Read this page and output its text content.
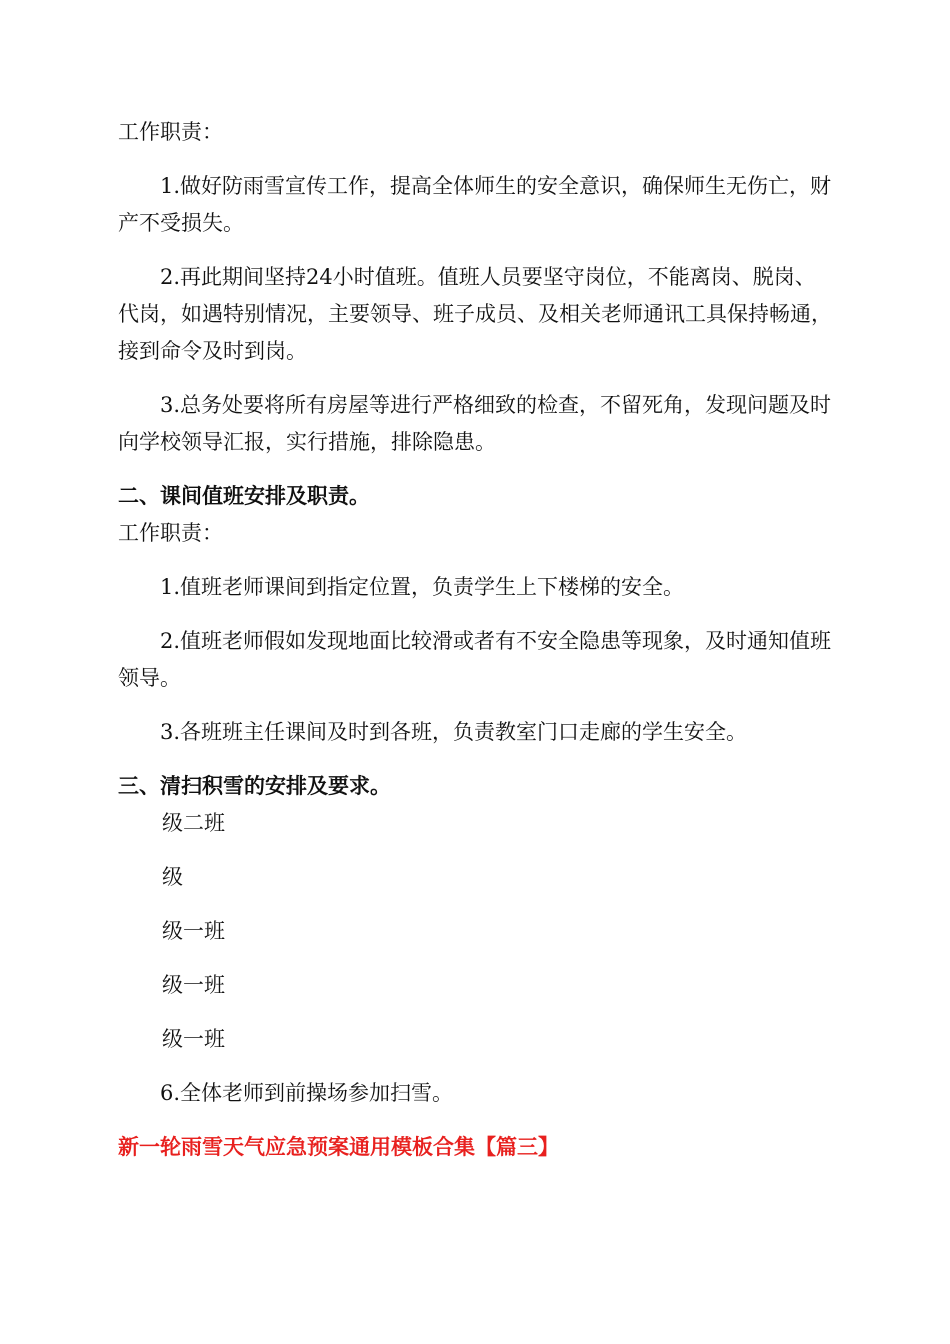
工作职责：

1.做好防雨雪宣传工作，提高全体师生的安全意识，确保师生无伤亡，财产不受损失。

2.再此期间坚持24小时值班。值班人员要坚守岗位，不能离岗、脱岗、代岗，如遇特别情况，主要领导、班子成员、及相关老师通讯工具保持畅通，接到命令及时到岗。

3.总务处要将所有房屋等进行严格细致的检查，不留死角，发现问题及时向学校领导汇报，实行措施，排除隐患。

二、课间值班安排及职责。

工作职责：

1.值班老师课间到指定位置，负责学生上下楼梯的安全。

2.值班老师假如发现地面比较滑或者有不安全隐患等现象，及时通知值班领导。

3.各班班主任课间及时到各班，负责教室门口走廊的学生安全。

三、清扫积雪的安排及要求。

级二班

级

级一班

级一班

级一班

6.全体老师到前操场参加扫雪。

新一轮雨雪天气应急预案通用模板合集【篇三】
